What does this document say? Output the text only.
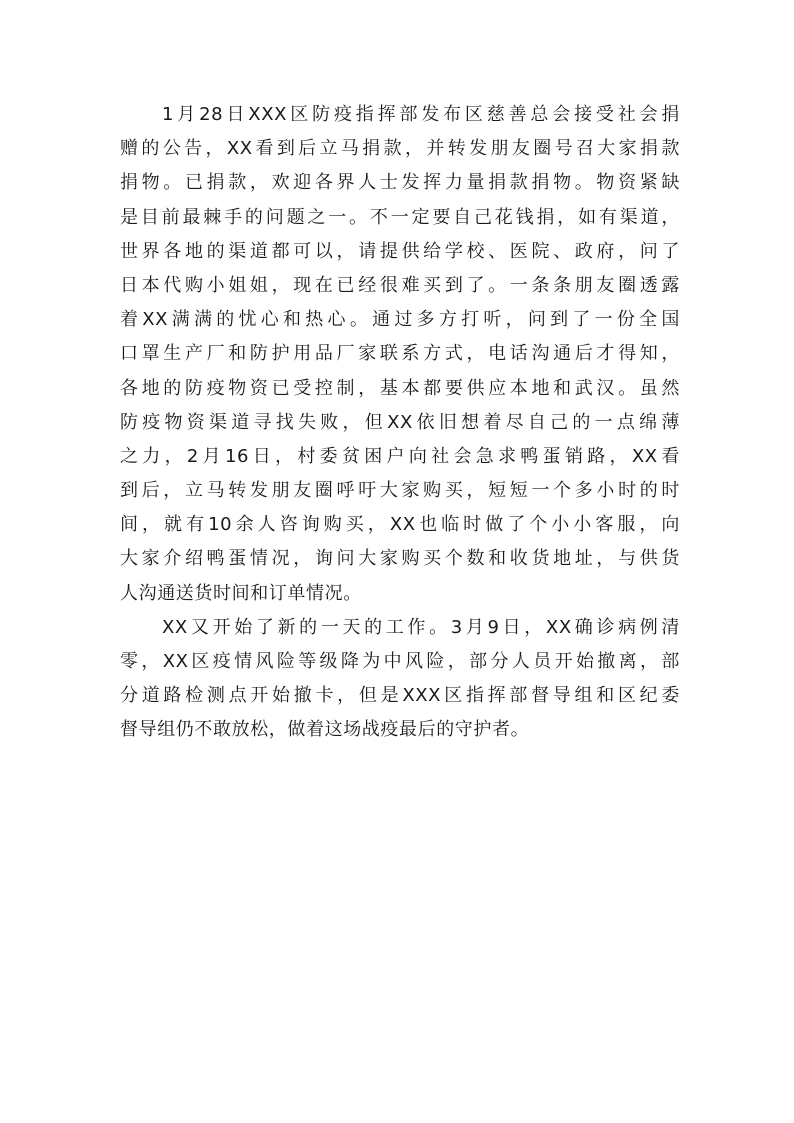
1月28日XXX区防疫指挥部发布区慈善总会接受社会捐
赠的公告，XX看到后立马捐款，并转发朋友圈号召大家捐款
捐物。已捐款，欢迎各界人士发挥力量捐款捐物。物资紧缺
是目前最棘手的问题之一。不一定要自己花钱捐，如有渠道，
世界各地的渠道都可以，请提供给学校、医院、政府，问了
日本代购小姐姐，现在已经很难买到了。一条条朋友圈透露
着XX满满的忧心和热心。通过多方打听，问到了一份全国
口罩生产厂和防护用品厂家联系方式，电话沟通后才得知，
各地的防疫物资已受控制，基本都要供应本地和武汉。虽然
防疫物资渠道寻找失败，但XX依旧想着尽自己的一点绵薄
之力，2月16日，村委贫困户向社会急求鸭蛋销路，XX看
到后，立马转发朋友圈呼吁大家购买，短短一个多小时的时
间，就有10余人咨询购买，XX也临时做了个小小客服，向
大家介绍鸭蛋情况，询问大家购买个数和收货地址，与供货
人沟通送货时间和订单情况。
XX又开始了新的一天的工作。3月9日，XX确诊病例清
零，XX区疫情风险等级降为中风险，部分人员开始撤离，部
分道路检测点开始撤卡，但是XXX区指挥部督导组和区纪委
督导组仍不敢放松，做着这场战疫最后的守护者。
